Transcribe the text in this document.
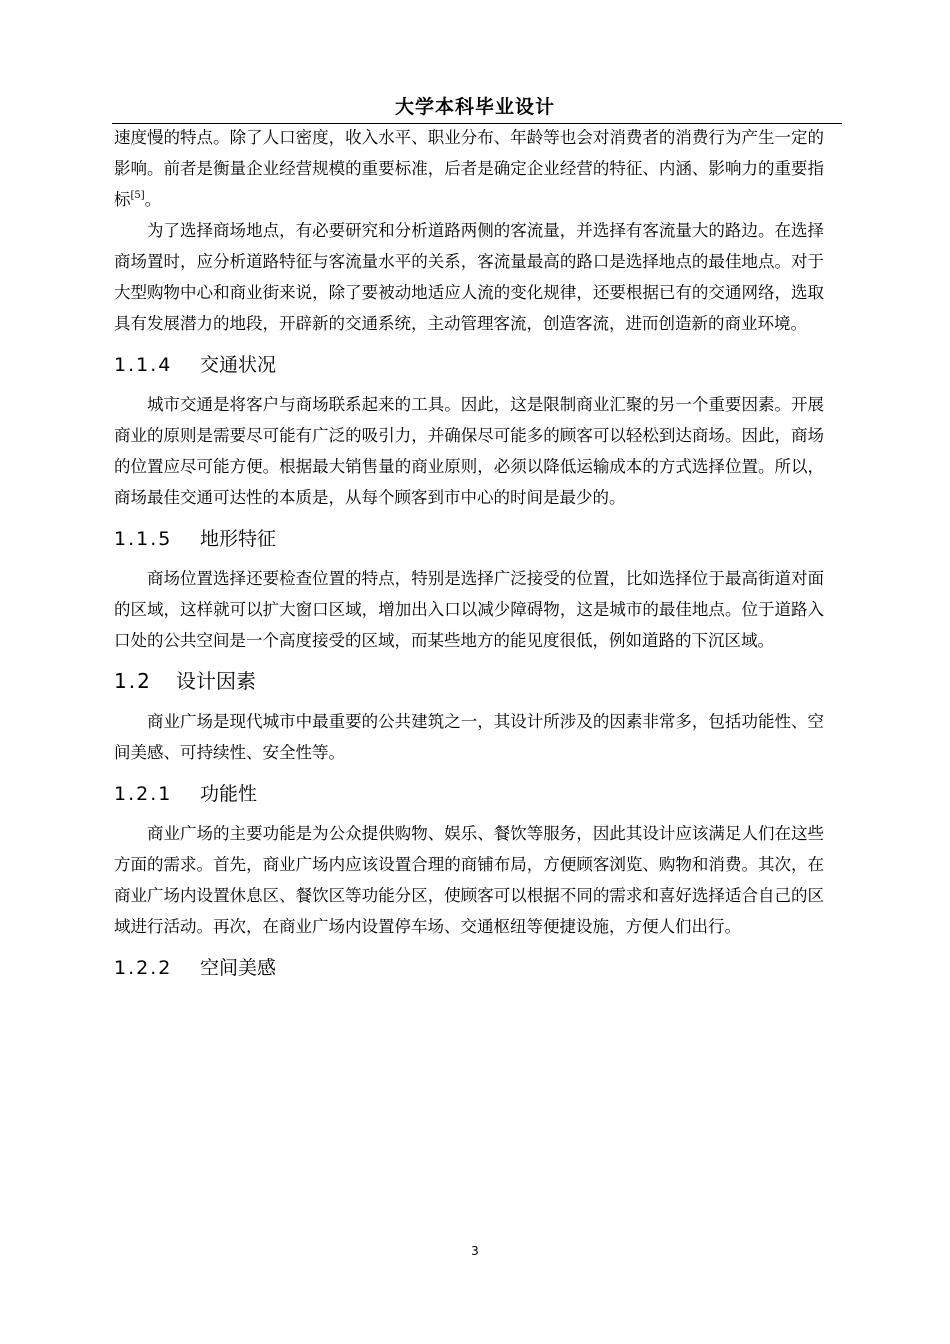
大学本科毕业设计

速度慢的特点。除了人口密度，收入水平、职业分布、年龄等也会对消费者的消费行为产生一定的影响。前者是衡量企业经营规模的重要标准，后者是确定企业经营的特征、内涵、影响力的重要指标[5]。

为了选择商场地点，有必要研究和分析道路两侧的客流量，并选择有客流量大的路边。在选择商场置时，应分析道路特征与客流量水平的关系，客流量最高的路口是选择地点的最佳地点。对于大型购物中心和商业街来说，除了要被动地适应人流的变化规律，还要根据已有的交通网络，选取具有发展潜力的地段，开辟新的交通系统，主动管理客流，创造客流，进而创造新的商业环境。

1.1.4 交通状况

城市交通是将客户与商场联系起来的工具。因此，这是限制商业汇聚的另一个重要因素。开展商业的原则是需要尽可能有广泛的吸引力，并确保尽可能多的顾客可以轻松到达商场。因此，商场的位置应尽可能方便。根据最大销售量的商业原则，必须以降低运输成本的方式选择位置。所以，商场最佳交通可达性的本质是，从每个顾客到市中心的时间是最少的。

1.1.5 地形特征

商场位置选择还要检查位置的特点，特别是选择广泛接受的位置，比如选择位于最高街道对面的区域，这样就可以扩大窗口区域，增加出入口以减少障碍物，这是城市的最佳地点。位于道路入口处的公共空间是一个高度接受的区域，而某些地方的能见度很低，例如道路的下沉区域。

1.2 设计因素

商业广场是现代城市中最重要的公共建筑之一，其设计所涉及的因素非常多，包括功能性、空间美感、可持续性、安全性等。

1.2.1 功能性

商业广场的主要功能是为公众提供购物、娱乐、餐饮等服务，因此其设计应该满足人们在这些方面的需求。首先，商业广场内应该设置合理的商铺布局，方便顾客浏览、购物和消费。其次，在商业广场内设置休息区、餐饮区等功能分区，使顾客可以根据不同的需求和喜好选择适合自己的区域进行活动。再次，在商业广场内设置停车场、交通枢纽等便捷设施，方便人们出行。

1.2.2 空间美感
3
